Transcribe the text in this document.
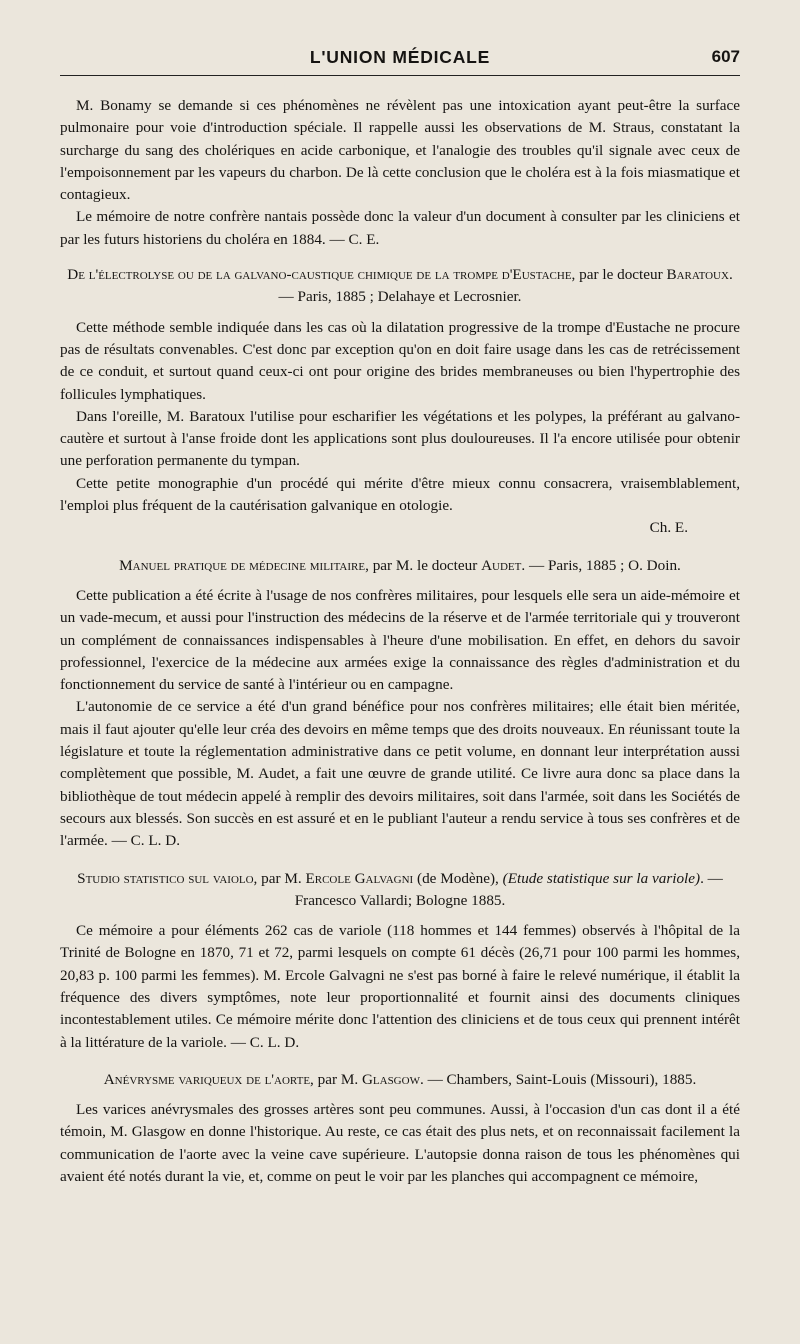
L'UNION MÉDICALE	607

M. Bonamy se demande si ces phénomènes ne révèlent pas une intoxication ayant peut-être la surface pulmonaire pour voie d'introduction spéciale. Il rappelle aussi les observations de M. Straus, constatant la surcharge du sang des cholériques en acide carbonique, et l'analogie des troubles qu'il signale avec ceux de l'empoisonnement par les vapeurs du charbon. De là cette conclusion que le choléra est à la fois miasmatique et contagieux.

Le mémoire de notre confrère nantais possède donc la valeur d'un document à consulter par les cliniciens et par les futurs historiens du choléra en 1884. — C. E.

De l'électrolyse ou de la galvano-caustique chimique de la trompe d'Eustache, par le docteur Baratoux. — Paris, 1885 ; Delahaye et Lecrosnier.

Cette méthode semble indiquée dans les cas où la dilatation progressive de la trompe d'Eustache ne procure pas de résultats convenables. C'est donc par exception qu'on en doit faire usage dans les cas de retrécissement de ce conduit, et surtout quand ceux-ci ont pour origine des brides membraneuses ou bien l'hypertrophie des follicules lymphatiques.

Dans l'oreille, M. Baratoux l'utilise pour escharifier les végétations et les polypes, la préférant au galvano-cautère et surtout à l'anse froide dont les applications sont plus douloureuses. Il l'a encore utilisée pour obtenir une perforation permanente du tympan.

Cette petite monographie d'un procédé qui mérite d'être mieux connu consacrera, vraisemblablement, l'emploi plus fréquent de la cautérisation galvanique en otologie.

Ch. E.
Manuel pratique de médecine militaire, par M. le docteur Audet. — Paris, 1885 ; O. Doin.

Cette publication a été écrite à l'usage de nos confrères militaires, pour lesquels elle sera un aide-mémoire et un vade-mecum, et aussi pour l'instruction des médecins de la réserve et de l'armée territoriale qui y trouveront un complément de connaissances indispensables à l'heure d'une mobilisation. En effet, en dehors du savoir professionnel, l'exercice de la médecine aux armées exige la connaissance des règles d'administration et du fonctionnement du service de santé à l'intérieur ou en campagne.

L'autonomie de ce service a été d'un grand bénéfice pour nos confrères militaires; elle était bien méritée, mais il faut ajouter qu'elle leur créa des devoirs en même temps que des droits nouveaux. En réunissant toute la législature et toute la réglementation administrative dans ce petit volume, en donnant leur interprétation aussi complètement que possible, M. Audet, a fait une œuvre de grande utilité. Ce livre aura donc sa place dans la bibliothèque de tout médecin appelé à remplir des devoirs militaires, soit dans l'armée, soit dans les Sociétés de secours aux blessés. Son succès en est assuré et en le publiant l'auteur a rendu service à tous ses confrères et de l'armée. — C. L. D.

Studio statistico sul vaiolo, par M. Ercole Galvagni (de Modène), (Etude statistique sur la variole). — Francesco Vallardi; Bologne 1885.

Ce mémoire a pour éléments 262 cas de variole (118 hommes et 144 femmes) observés à l'hôpital de la Trinité de Bologne en 1870, 71 et 72, parmi lesquels on compte 61 décès (26,71 pour 100 parmi les hommes, 20,83 p. 100 parmi les femmes). M. Ercole Galvagni ne s'est pas borné à faire le relevé numérique, il établit la fréquence des divers symptômes, note leur proportionnalité et fournit ainsi des documents cliniques incontestablement utiles. Ce mémoire mérite donc l'attention des cliniciens et de tous ceux qui prennent intérêt à la littérature de la variole. — C. L. D.

Anévrysme variqueux de l'aorte, par M. Glasgow. — Chambers, Saint-Louis (Missouri), 1885.

Les varices anévrysmales des grosses artères sont peu communes. Aussi, à l'occasion d'un cas dont il a été témoin, M. Glasgow en donne l'historique. Au reste, ce cas était des plus nets, et on reconnaissait facilement la communication de l'aorte avec la veine cave supérieure. L'autopsie donna raison de tous les phénomènes qui avaient été notés durant la vie, et, comme on peut le voir par les planches qui accompagnent ce mémoire,
